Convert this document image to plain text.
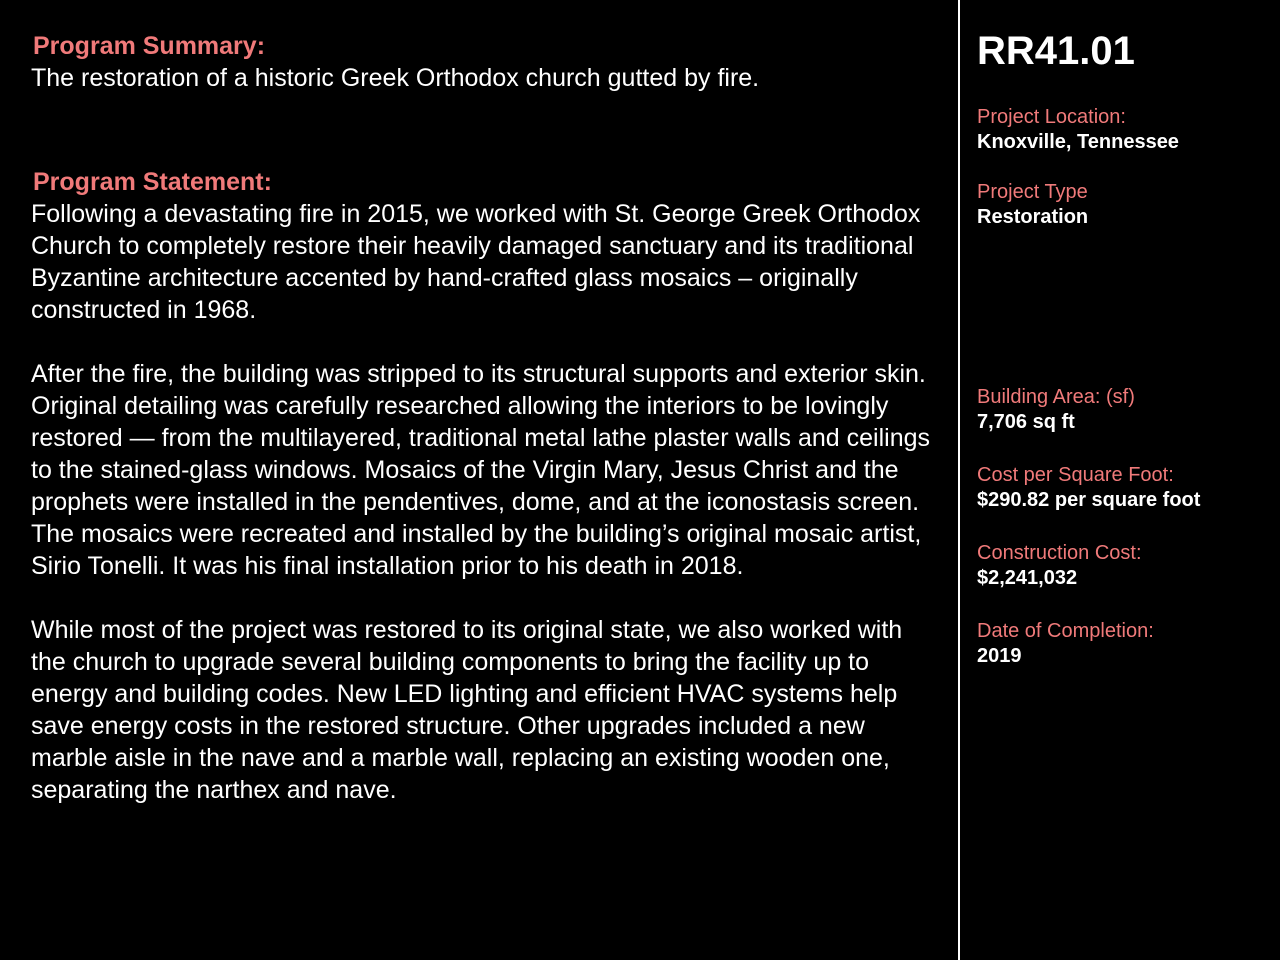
Program Summary:
The restoration of a historic Greek Orthodox church gutted by fire.
Program Statement:

Following a devastating fire in 2015, we worked with St. George Greek Orthodox Church to completely restore their heavily damaged sanctuary and its traditional Byzantine architecture accented by hand-crafted glass mosaics – originally constructed in 1968.

After the fire, the building was stripped to its structural supports and exterior skin. Original detailing was carefully researched allowing the interiors to be lovingly restored — from the multilayered, traditional metal lathe plaster walls and ceilings to the stained-glass windows. Mosaics of the Virgin Mary, Jesus Christ and the prophets were installed in the pendentives, dome, and at the iconostasis screen. The mosaics were recreated and installed by the building’s original mosaic artist, Sirio Tonelli. It was his final installation prior to his death in 2018.

While most of the project was restored to its original state, we also worked with the church to upgrade several building components to bring the facility up to energy and building codes. New LED lighting and efficient HVAC systems help save energy costs in the restored structure. Other upgrades included a new marble aisle in the nave and a marble wall, replacing an existing wooden one, separating the narthex and nave.

RR41.01
Project Location:
Knoxville, Tennessee
Project Type
Restoration
Building Area: (sf)
7,706 sq ft
Cost per Square Foot:
$290.82 per square foot
Construction Cost:
$2,241,032
Date of Completion:
2019
